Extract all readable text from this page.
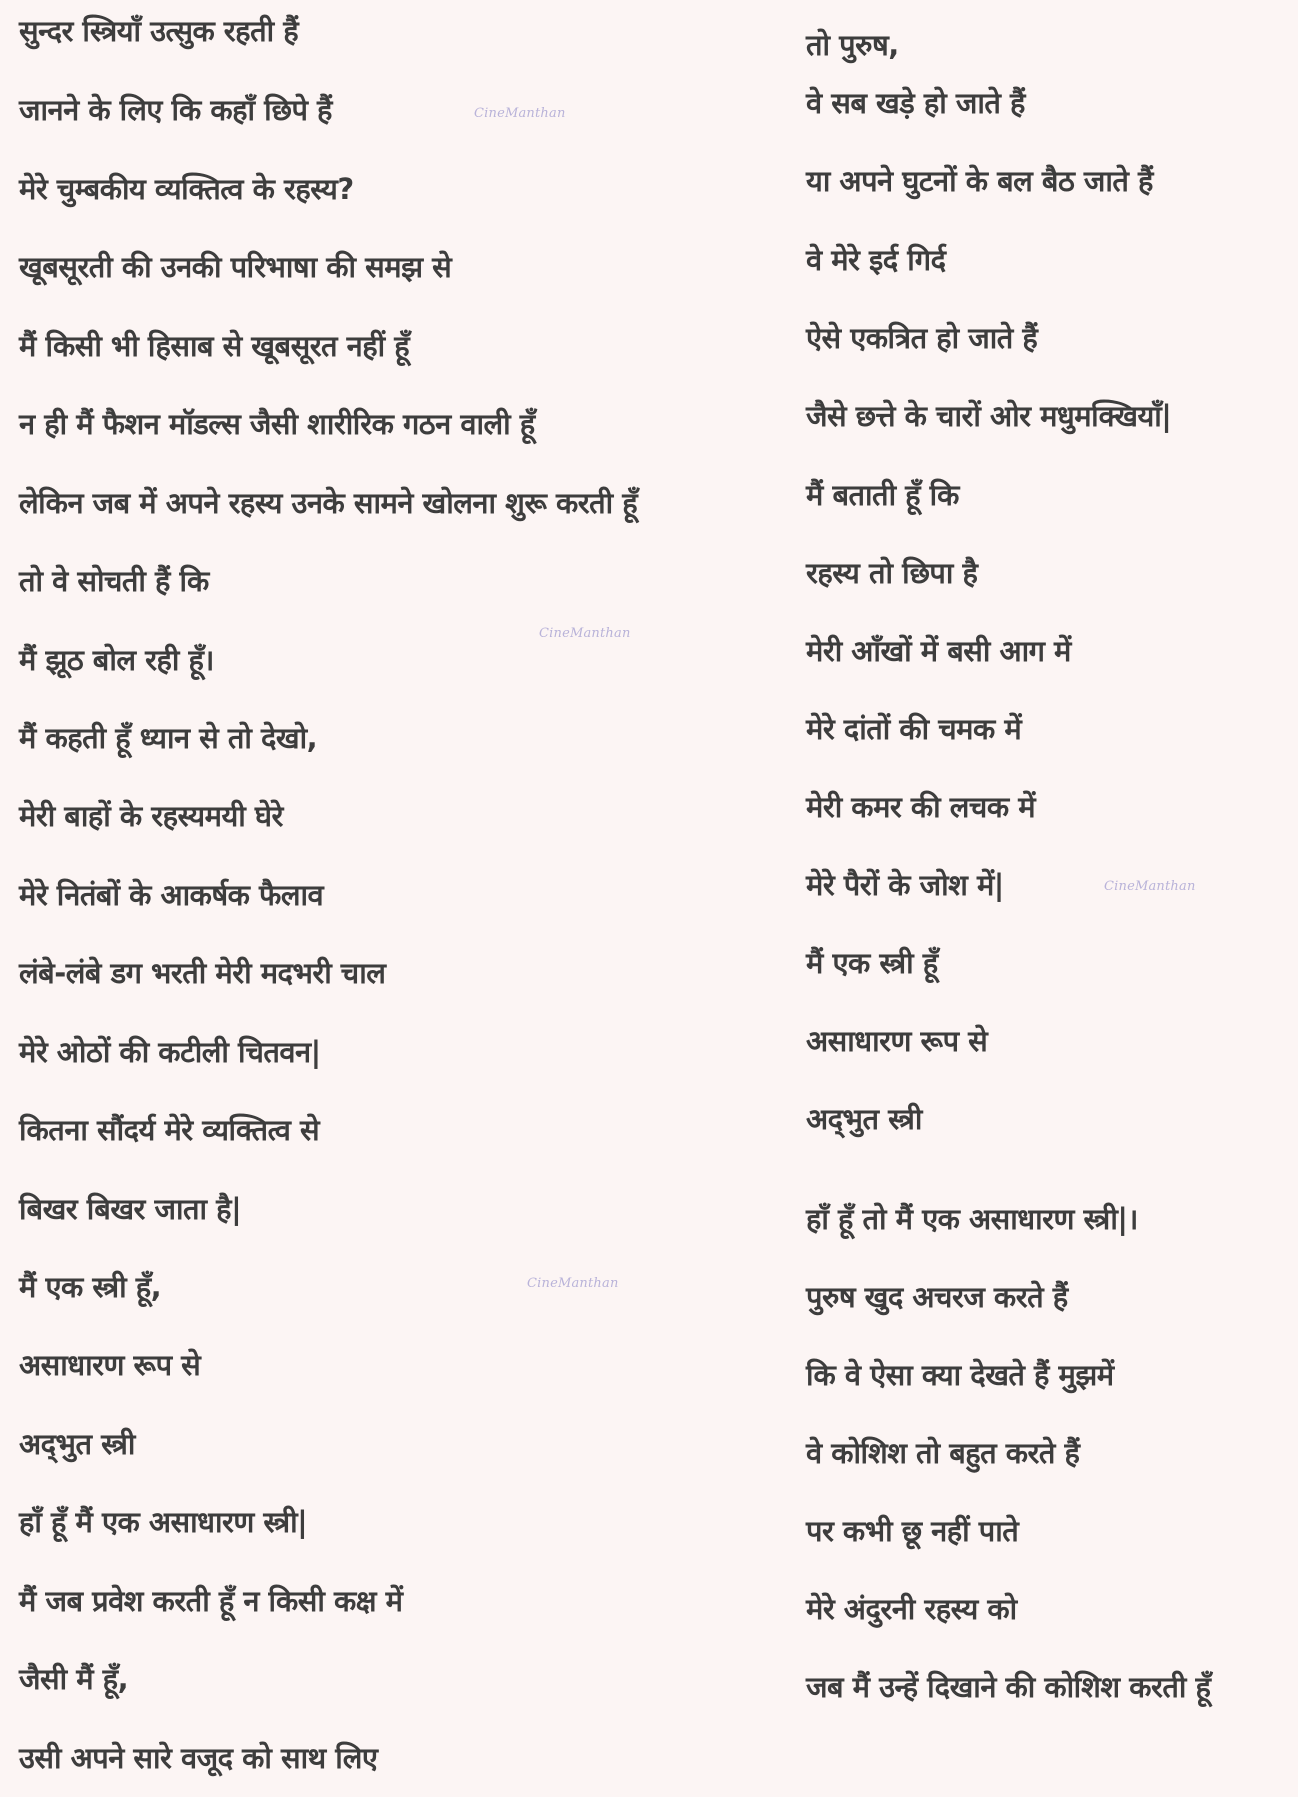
सुन्दर स्त्रियाँ उत्सुक रहती हैं
जानने के लिए कि कहाँ छिपे हैं
मेरे चुम्बकीय व्यक्तित्व के रहस्य?
खूबसूरती की उनकी परिभाषा की समझ से
मैं किसी भी हिसाब से खूबसूरत नहीं हूँ
न ही मैं फैशन मॉडल्स जैसी शारीरिक गठन वाली हूँ
लेकिन जब में अपने रहस्य उनके सामने खोलना शुरू करती हूँ
तो वे सोचती हैं कि
मैं झूठ बोल रही हूँ।
मैं कहती हूँ ध्यान से तो देखो,
मेरी बाहों के रहस्यमयी घेरे
मेरे नितंबों के आकर्षक फैलाव
लंबे-लंबे डग भरती मेरी मदभरी चाल
मेरे ओठों की कटीली चितवन|
कितना सौंदर्य मेरे व्यक्तित्व से
बिखर बिखर जाता है|
मैं एक स्त्री हूँ,
असाधारण रूप से
अद्‌भुत स्त्री
हाँ हूँ मैं एक असाधारण स्त्री|
मैं जब प्रवेश करती हूँ न किसी कक्ष में
जैसी मैं हूँ,
उसी अपने सारे वजूद को साथ लिए
तो पुरुष,
वे सब खड़े हो जाते हैं
या अपने घुटनों के बल बैठ जाते हैं
वे मेरे इर्द गिर्द
ऐसे एकत्रित हो जाते हैं
जैसे छत्ते के चारों ओर मधुमक्खियाँ|
मैं बताती हूँ कि
रहस्य तो छिपा है
मेरी आँखों में बसी आग में
मेरे दांतों की चमक में
मेरी कमर की लचक में
मेरे पैरों के जोश में|
मैं एक स्त्री हूँ
असाधारण रूप से
अद्‌भुत स्त्री
हाँ हूँ तो मैं एक असाधारण स्त्री|।
पुरुष खुद अचरज करते हैं
कि वे ऐसा क्या देखते हैं मुझमें
वे कोशिश तो बहुत करते हैं
पर कभी छू नहीं पाते
मेरे अंदुरनी रहस्य को
जब मैं उन्हें दिखाने की कोशिश करती हूँ
CineManthan
CineManthan
CineManthan
CineManthan
